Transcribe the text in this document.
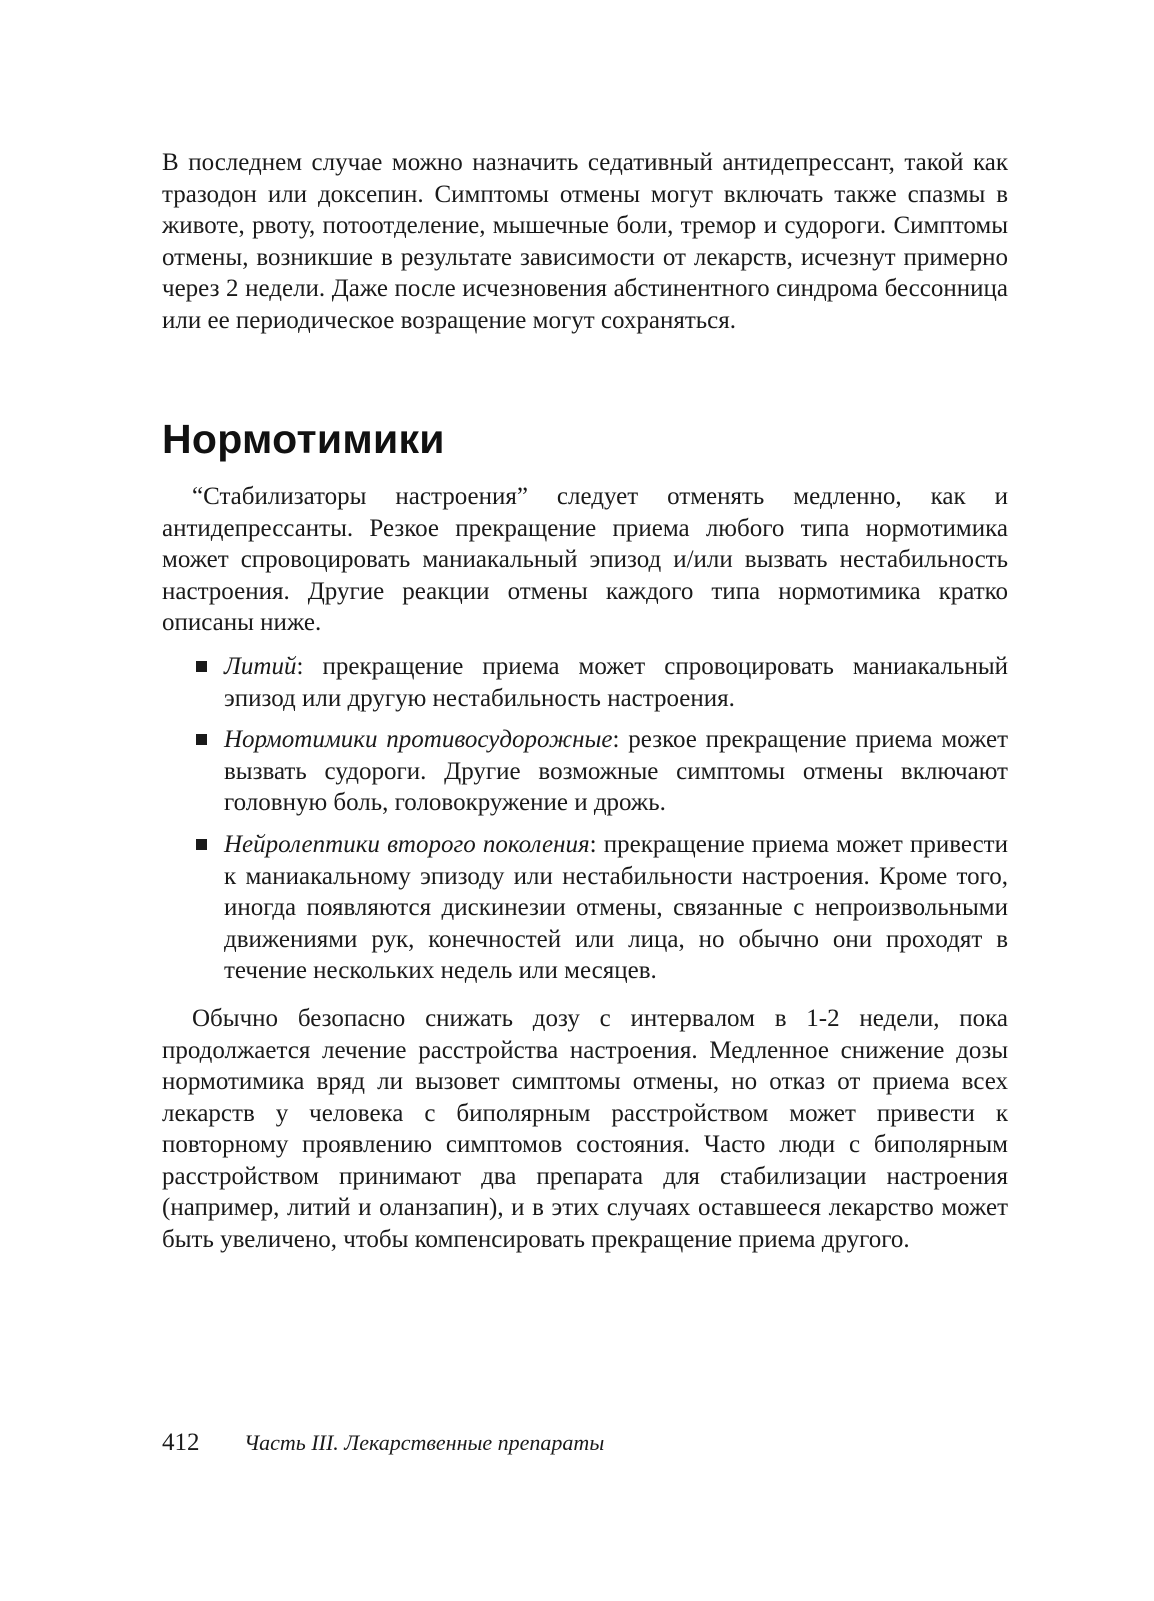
В последнем случае можно назначить седативный антидепрессант, такой как тразодон или доксепин. Симптомы отмены могут включать также спазмы в животе, рвоту, потоотделение, мышечные боли, тремор и судороги. Симптомы отмены, возникшие в результате зависимости от лекарств, исчезнут примерно через 2 недели. Даже после исчезновения абстинентного синдрома бессонница или ее периодическое возращение могут сохраняться.

Нормотимики

“Стабилизаторы настроения” следует отменять медленно, как и антидепрессанты. Резкое прекращение приема любого типа нормотимика может спровоцировать маниакальный эпизод и/или вызвать нестабильность настроения. Другие реакции отмены каждого типа нормотимика кратко описаны ниже.

Литий: прекращение приема может спровоцировать маниакальный эпизод или другую нестабильность настроения.
Нормотимики противосудорожные: резкое прекращение приема может вызвать судороги. Другие возможные симптомы отмены включают головную боль, головокружение и дрожь.
Нейролептики второго поколения: прекращение приема может привести к маниакальному эпизоду или нестабильности настроения. Кроме того, иногда появляются дискинезии отмены, связанные с непроизвольными движениями рук, конечностей или лица, но обычно они проходят в течение нескольких недель или месяцев.

Обычно безопасно снижать дозу с интервалом в 1-2 недели, пока продолжается лечение расстройства настроения. Медленное снижение дозы нормотимика вряд ли вызовет симптомы отмены, но отказ от приема всех лекарств у человека с биполярным расстройством может привести к повторному проявлению симптомов состояния. Часто люди с биполярным расстройством принимают два препарата для стабилизации настроения (например, литий и оланзапин), и в этих случаях оставшееся лекарство может быть увеличено, чтобы компенсировать прекращение приема другого.

412 Часть III. Лекарственные препараты
